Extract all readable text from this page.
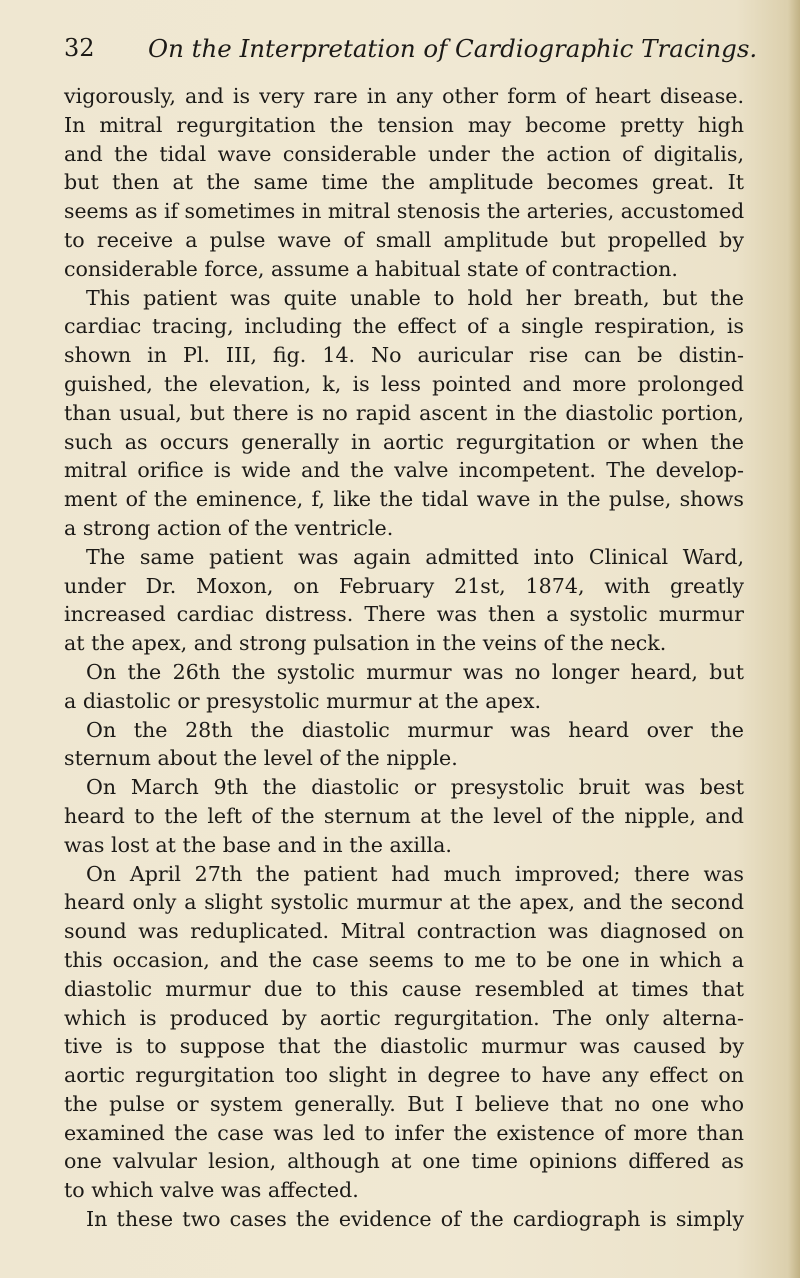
32 On the Interpretation of Cardiographic Tracings.
vigorously, and is very rare in any other form of heart disease.
In mitral regurgitation the tension may become pretty high
and the tidal wave considerable under the action of digitalis,
but then at the same time the amplitude becomes great. It
seems as if sometimes in mitral stenosis the arteries, accustomed
to receive a pulse wave of small amplitude but propelled by
considerable force, assume a habitual state of contraction.
This patient was quite unable to hold her breath, but the
cardiac tracing, including the effect of a single respiration, is
shown in Pl. III, fig. 14. No auricular rise can be distin-
guished, the elevation, k, is less pointed and more prolonged
than usual, but there is no rapid ascent in the diastolic portion,
such as occurs generally in aortic regurgitation or when the
mitral orifice is wide and the valve incompetent. The develop-
ment of the eminence, f, like the tidal wave in the pulse, shows
a strong action of the ventricle.
The same patient was again admitted into Clinical Ward,
under Dr. Moxon, on February 21st, 1874, with greatly
increased cardiac distress. There was then a systolic murmur
at the apex, and strong pulsation in the veins of the neck.
On the 26th the systolic murmur was no longer heard, but
a diastolic or presystolic murmur at the apex.
On the 28th the diastolic murmur was heard over the
sternum about the level of the nipple.
On March 9th the diastolic or presystolic bruit was best
heard to the left of the sternum at the level of the nipple, and
was lost at the base and in the axilla.
On April 27th the patient had much improved; there was
heard only a slight systolic murmur at the apex, and the second
sound was reduplicated. Mitral contraction was diagnosed on
this occasion, and the case seems to me to be one in which a
diastolic murmur due to this cause resembled at times that
which is produced by aortic regurgitation. The only alterna-
tive is to suppose that the diastolic murmur was caused by
aortic regurgitation too slight in degree to have any effect on
the pulse or system generally. But I believe that no one who
examined the case was led to infer the existence of more than
one valvular lesion, although at one time opinions differed as
to which valve was affected.
In these two cases the evidence of the cardiograph is simply
